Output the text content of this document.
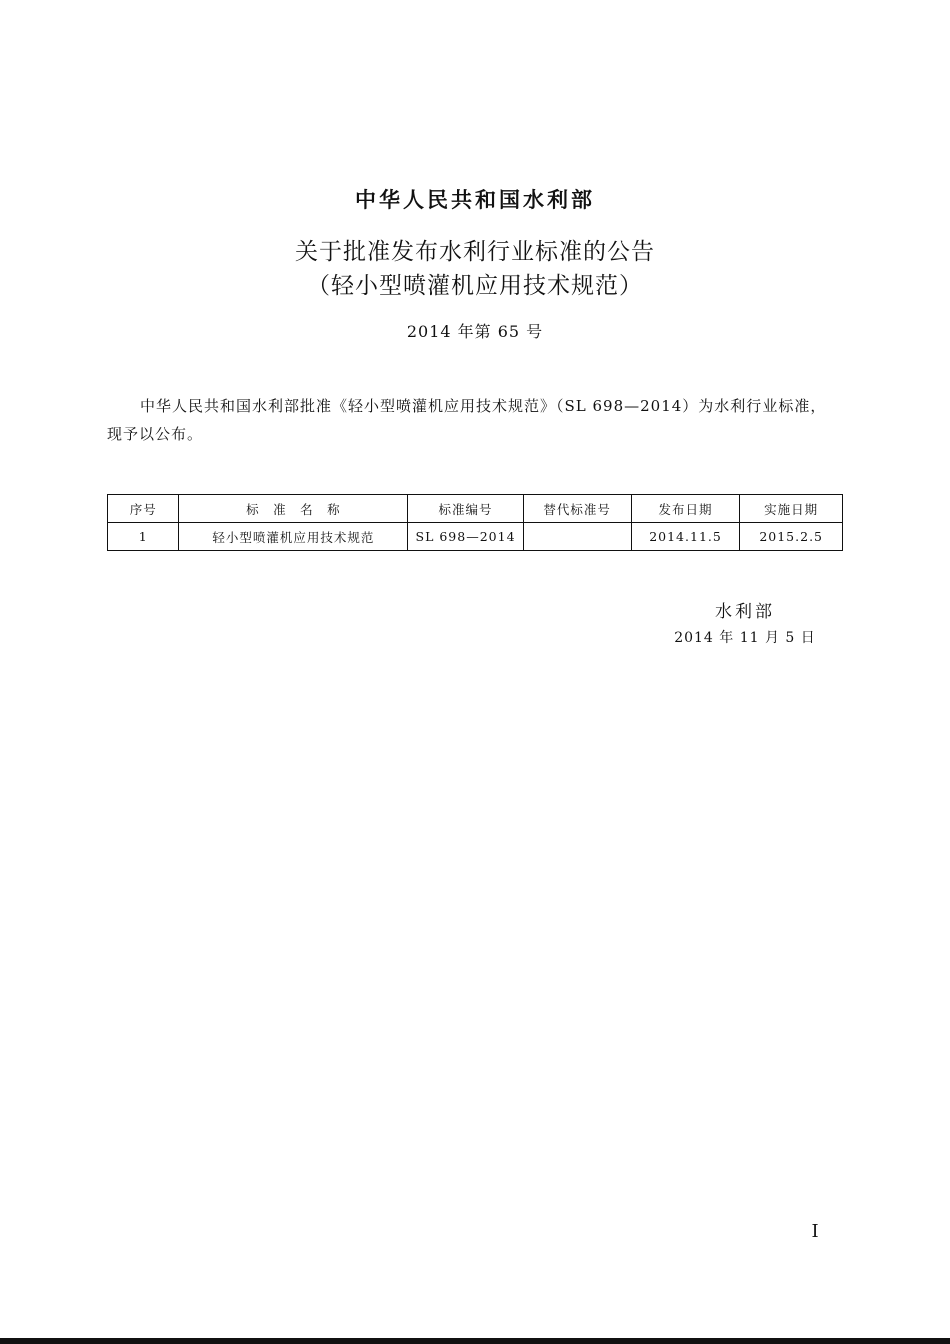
中华人民共和国水利部
关于批准发布水利行业标准的公告
（轻小型喷灌机应用技术规范）
2014 年第 65 号
中华人民共和国水利部批准《轻小型喷灌机应用技术规范》（SL 698—2014）为水利行业标准，
现予以公布。
序号	标　准　名　称	标准编号	替代标准号	发布日期	实施日期
1	轻小型喷灌机应用技术规范	SL 698—2014		2014.11.5	2015.2.5
水利部
2014 年 11 月 5 日
I
